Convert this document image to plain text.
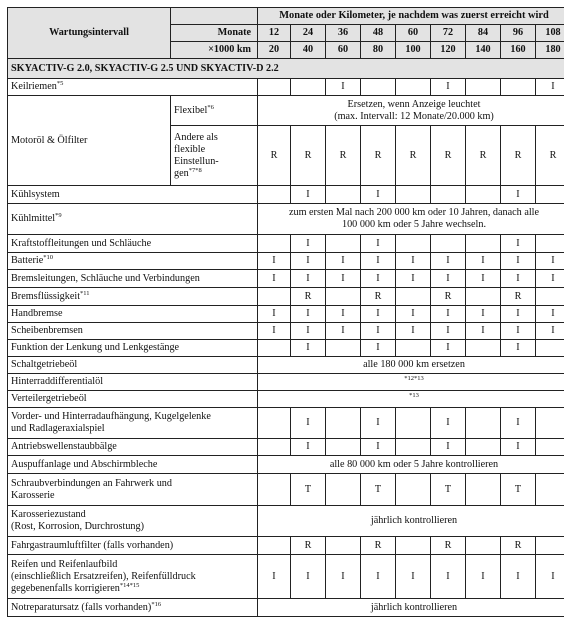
Wartungsintervall		Monate oder Kilometer, je nachdem was zuerst erreicht wird								
	Monate	12	24	36	48	60	72	84	96	108
	×1000 km	20	40	60	80	100	120	140	160	180
SKYACTIV-G 2.0, SKYACTIV-G 2.5 UND SKYACTIV-D 2.2										
Keilriemen$^{*5}$				I			I			I
Motoröl & Ölfilter	Flexibel$^{*6}$	Ersetzen, wenn Anzeige leuchtet
(max. Intervall: 12 Monate/20.000 km)								

	Andere als
flexible
Einstellun-
gen$^{*7*8}$	R	R	R	R	R	R	R	R	R
Kühlsystem			I		I				I	
Kühlmittel$^{*9}$		zum ersten Mal nach 200 000 km oder 10 Jahren, danach alle
100 000 km oder 5 Jahre wechseln.								

Kraftstoffleitungen und Schläuche			I		I				I	
Batterie$^{*10}$		I	I	I	I	I	I	I	I	I
Bremsleitungen, Schläuche und Verbindungen		I	I	I	I	I	I	I	I	I
Bremsflüssigkeit$^{*11}$			R		R		R		R	
Handbremse		I	I	I	I	I	I	I	I	I
Scheibenbremsen		I	I	I	I	I	I	I	I	I
Funktion der Lenkung und Lenkgestänge			I		I		I		I	
Schaltgetriebeöl		alle 180 000 km ersetzen								
Hinterraddifferentialöl		$^{*12*13}$
Verteilergetriebeöl		$^{*13}$

Vorder- und Hinterradaufhängung, Kugelgelenke
und Radlageraxialspiel			I		I		I		I	
Antriebswellenstaubbälge			I		I		I		I	
Auspuffanlage und Abschirmbleche		alle 80 000 km oder 5 Jahre kontrollieren								

Schraubverbindungen an Fahrwerk und
Karosserie			T		T		T		T	

Karosseriezustand
(Rost, Korrosion, Durchrostung)		jährlich kontrollieren								
Fahrgastraumluftfilter (falls vorhanden)			R		R		R		R	

Reifen und Reifenlaufbild
(einschließlich Ersatzreifen), Reifenfülldruck
gegebenenfalls korrigieren$^{*14*15}$		I	I	I	I	I	I	I	I	I
Notreparatursatz (falls vorhanden)$^{*16}$		jährlich kontrollieren								
